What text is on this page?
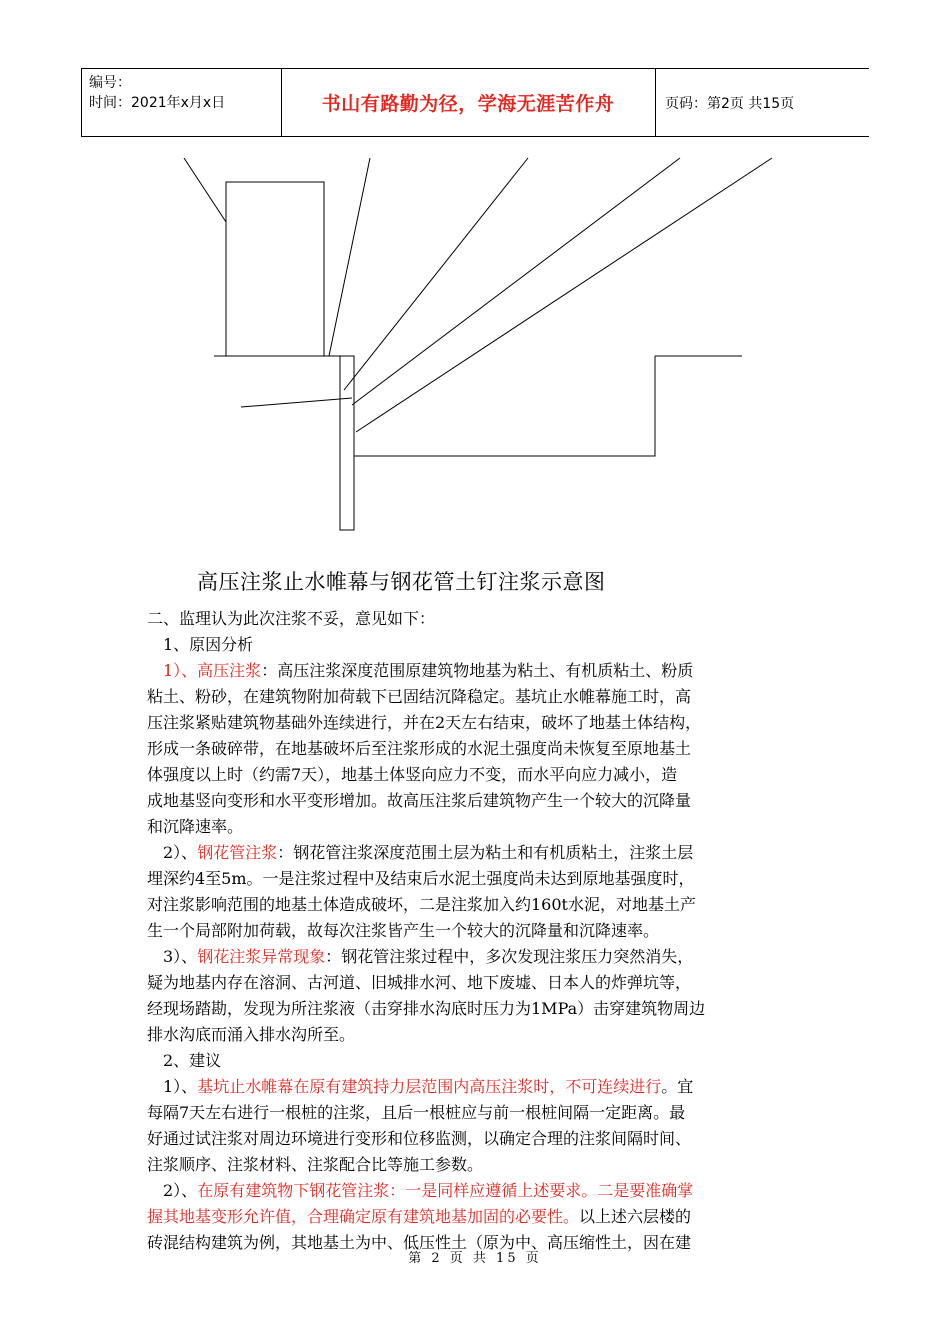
编号：
时间：2021年x月x日	书山有路勤为径，学海无涯苦作舟	页码：第2页 共15页
高压注浆止水帷幕与钢花管土钉注浆示意图

二、监理认为此次注浆不妥，意见如下：

1、原因分析

1）、高压注浆：高压注浆深度范围原建筑物地基为粘土、有机质粘土、粉质

粘土、粉砂，在建筑物附加荷载下已固结沉降稳定。基坑止水帷幕施工时，高

压注浆紧贴建筑物基础外连续进行，并在2天左右结束，破坏了地基土体结构，

形成一条破碎带，在地基破坏后至注浆形成的水泥土强度尚未恢复至原地基土

体强度以上时（约需7天），地基土体竖向应力不变，而水平向应力减小，造

成地基竖向变形和水平变形增加。故高压注浆后建筑物产生一个较大的沉降量

和沉降速率。

2）、钢花管注浆：钢花管注浆深度范围土层为粘土和有机质粘土，注浆土层

埋深约4至5m。一是注浆过程中及结束后水泥土强度尚未达到原地基强度时，

对注浆影响范围的地基土体造成破坏，二是注浆加入约160t水泥，对地基土产

生一个局部附加荷载，故每次注浆皆产生一个较大的沉降量和沉降速率。

3）、钢花注浆异常现象：钢花管注浆过程中，多次发现注浆压力突然消失，

疑为地基内存在溶洞、古河道、旧城排水河、地下废墟、日本人的炸弹坑等，

经现场踏勘，发现为所注浆液（击穿排水沟底时压力为1MPa）击穿建筑物周边

排水沟底而涌入排水沟所至。

2、建议

1）、基坑止水帷幕在原有建筑持力层范围内高压注浆时，不可连续进行。宜

每隔7天左右进行一根桩的注浆，且后一根桩应与前一根桩间隔一定距离。最

好通过试注浆对周边环境进行变形和位移监测，以确定合理的注浆间隔时间、

注浆顺序、注浆材料、注浆配合比等施工参数。

2）、在原有建筑物下钢花管注浆：一是同样应遵循上述要求。二是要准确掌

握其地基变形允许值，合理确定原有建筑地基加固的必要性。以上述六层楼的

砖混结构建筑为例，其地基土为中、低压性土（原为中、高压缩性土，因在建

第 2 页 共 15 页
